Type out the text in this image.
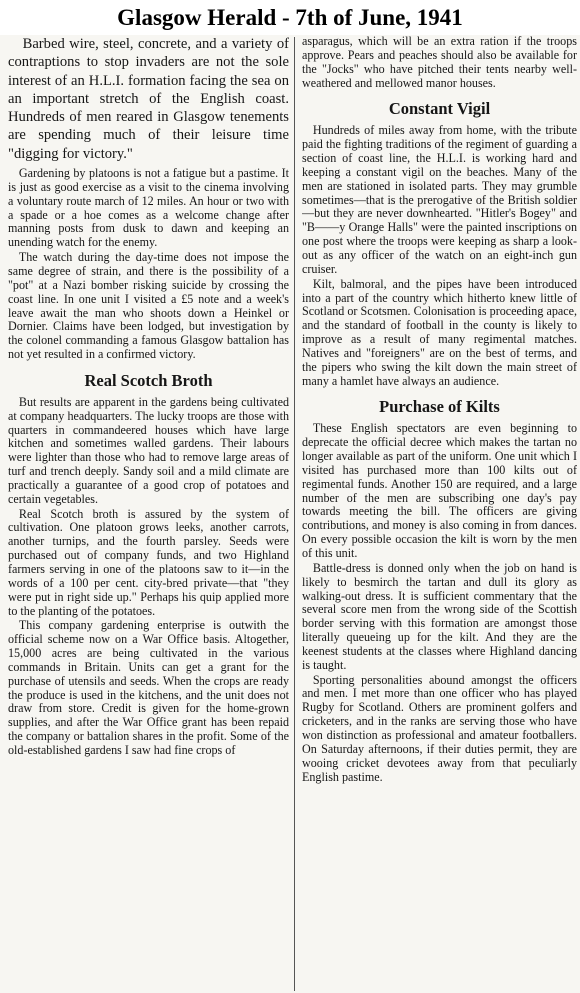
Glasgow Herald - 7th of June, 1941

Barbed wire, steel, concrete, and a variety of contraptions to stop invaders are not the sole interest of an H.L.I. formation facing the sea on an important stretch of the English coast. Hundreds of men reared in Glasgow tenements are spending much of their leisure time "digging for victory."

Gardening by platoons is not a fatigue but a pastime. It is just as good exercise as a visit to the cinema involving a voluntary route march of 12 miles. An hour or two with a spade or a hoe comes as a welcome change after manning posts from dusk to dawn and keeping an unending watch for the enemy.

The watch during the day-time does not impose the same degree of strain, and there is the possibility of a "pot" at a Nazi bomber risking suicide by crossing the coast line. In one unit I visited a £5 note and a week's leave await the man who shoots down a Heinkel or Dornier. Claims have been lodged, but investigation by the colonel commanding a famous Glasgow battalion has not yet resulted in a confirmed victory.

Real Scotch Broth

But results are apparent in the gardens being cultivated at company headquarters. The lucky troops are those with quarters in commandeered houses which have large kitchen and sometimes walled gardens. Their labours were lighter than those who had to remove large areas of turf and trench deeply. Sandy soil and a mild climate are practically a guarantee of a good crop of potatoes and certain vegetables.

Real Scotch broth is assured by the system of cultivation. One platoon grows leeks, another carrots, another turnips, and the fourth parsley. Seeds were purchased out of company funds, and two Highland farmers serving in one of the platoons saw to it—in the words of a 100 per cent. city-bred private—that "they were put in right side up." Perhaps his quip applied more to the planting of the potatoes.

This company gardening enterprise is outwith the official scheme now on a War Office basis. Altogether, 15,000 acres are being cultivated in the various commands in Britain. Units can get a grant for the purchase of utensils and seeds. When the crops are ready the produce is used in the kitchens, and the unit does not draw from store. Credit is given for the home-grown supplies, and after the War Office grant has been repaid the company or battalion shares in the profit. Some of the old-established gardens I saw had fine crops of

asparagus, which will be an extra ration if the troops approve. Pears and peaches should also be available for the "Jocks" who have pitched their tents nearby well-weathered and mellowed manor houses.

Constant Vigil

Hundreds of miles away from home, with the tribute paid the fighting traditions of the regiment of guarding a section of coast line, the H.L.I. is working hard and keeping a constant vigil on the beaches. Many of the men are stationed in isolated parts. They may grumble sometimes—that is the prerogative of the British soldier—but they are never downhearted. "Hitler's Bogey" and "B——y Orange Halls" were the painted inscriptions on one post where the troops were keeping as sharp a look-out as any officer of the watch on an eight-inch gun cruiser.

Kilt, balmoral, and the pipes have been introduced into a part of the country which hitherto knew little of Scotland or Scotsmen. Colonisation is proceeding apace, and the standard of football in the county is likely to improve as a result of many regimental matches. Natives and "foreigners" are on the best of terms, and the pipers who swing the kilt down the main street of many a hamlet have always an audience.

Purchase of Kilts

These English spectators are even beginning to deprecate the official decree which makes the tartan no longer available as part of the uniform. One unit which I visited has purchased more than 100 kilts out of regimental funds. Another 150 are required, and a large number of the men are subscribing one day's pay towards meeting the bill. The officers are giving contributions, and money is also coming in from dances. On every possible occasion the kilt is worn by the men of this unit.

Battle-dress is donned only when the job on hand is likely to besmirch the tartan and dull its glory as walking-out dress. It is sufficient commentary that the several score men from the wrong side of the Scottish border serving with this formation are amongst those literally queueing up for the kilt. And they are the keenest students at the classes where Highland dancing is taught.

Sporting personalities abound amongst the officers and men. I met more than one officer who has played Rugby for Scotland. Others are prominent golfers and cricketers, and in the ranks are serving those who have won distinction as professional and amateur footballers. On Saturday afternoons, if their duties permit, they are wooing cricket devotees away from that peculiarly English pastime.
